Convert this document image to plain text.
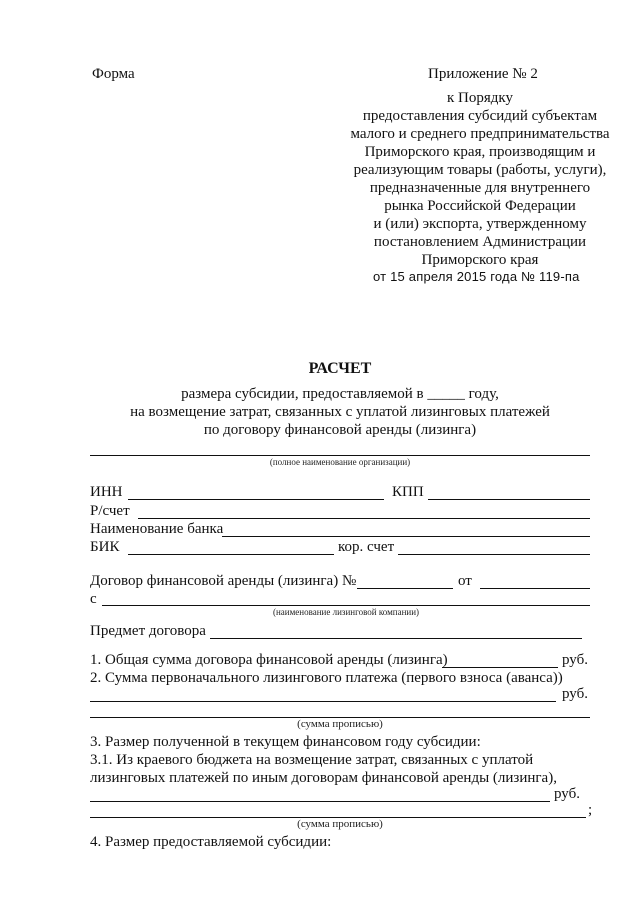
Форма	Приложение № 2
к Порядку
предоставления субсидий субъектам
малого и среднего предпринимательства
Приморского края, производящим и
реализующим товары (работы, услуги),
предназначенные для внутреннего
рынка Российской Федерации
и (или) экспорта, утвержденному
постановлением Администрации
Приморского края
от 15 апреля 2015 года № 119-па
РАСЧЕТ
размера субсидии, предоставляемой в _____ году,
на возмещение затрат, связанных с уплатой лизинговых платежей
по договору финансовой аренды (лизинга)
(полное наименование организации)
ИНН	КПП
Р/счет
Наименование банка
БИК	кор. счет
Договор финансовой аренды (лизинга) №	от
с
(наименование лизинговой компании)
Предмет договора
1. Общая сумма договора финансовой аренды (лизинга)	руб.
2. Сумма первоначального лизингового платежа (первого взноса (аванса))
руб.
(сумма прописью)
3. Размер полученной в текущем финансовом году субсидии:
3.1. Из краевого бюджета на возмещение затрат, связанных с уплатой
лизинговых платежей по иным договорам финансовой аренды (лизинга),
руб.
;
(сумма прописью)
4. Размер предоставляемой субсидии:
